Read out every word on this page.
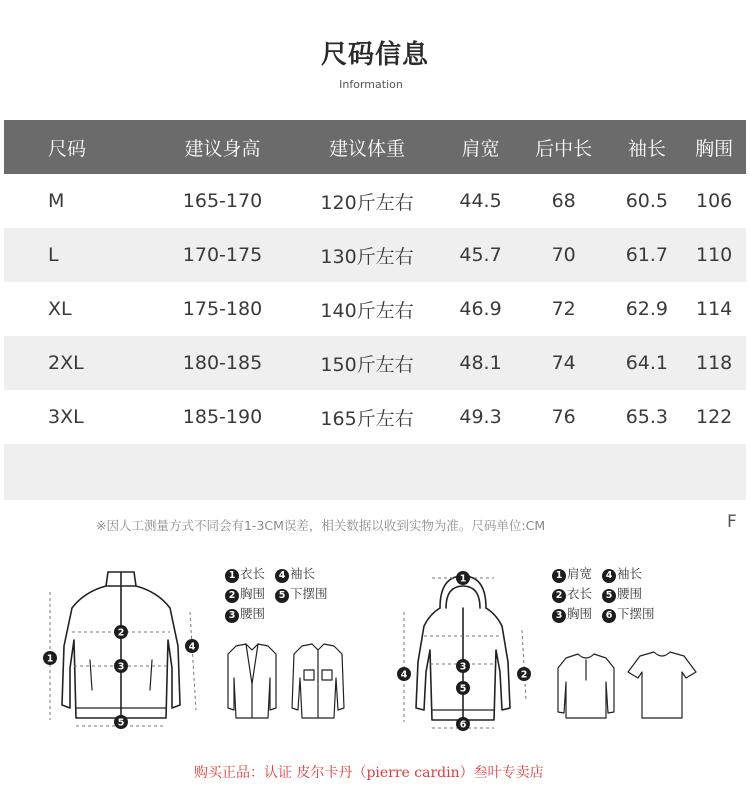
尺码信息
Information
尺码	建议身高	建议体重	肩宽	后中长	袖长	胸围
M	165-170	120斤左右	44.5	68	60.5	106
L	170-175	130斤左右	45.7	70	61.7	110
XL	175-180	140斤左右	46.9	72	62.9	114
2XL	180-185	150斤左右	48.1	74	64.1	118
3XL	185-190	165斤左右	49.3	76	65.3	122

※因人工测量方式不同会有1-3CM误差，相关数据以收到实物为准。尺码单位:CM	F
1
2
3
4
5
1
4
3
5
2
6
1 衣长 4 袖长
2 胸围 5 下摆围
3 腰围
1 肩宽 4 袖长
2 衣长 5 腰围
3 胸围 6 下摆围
购买正品：认证 皮尔卡丹（pierre cardin）叁叶专卖店
